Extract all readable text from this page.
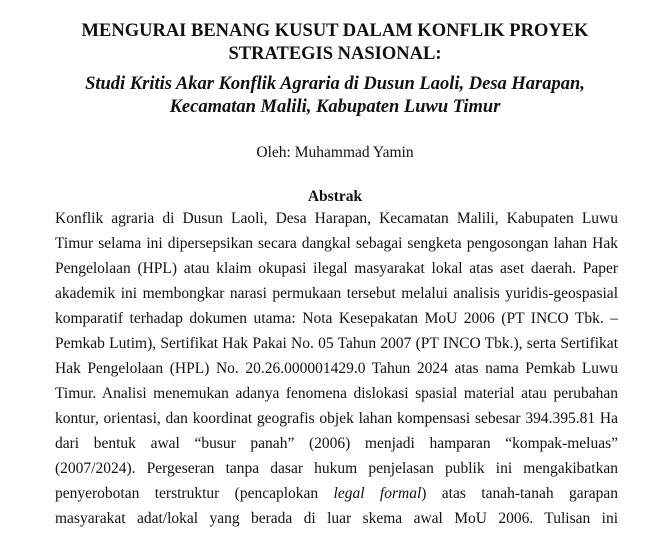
MENGURAI BENANG KUSUT DALAM KONFLIK PROYEK
STRATEGIS NASIONAL:
Studi Kritis Akar Konflik Agraria di Dusun Laoli, Desa Harapan,
Kecamatan Malili, Kabupaten Luwu Timur
Oleh: Muhammad Yamin
Abstrak
Konflik agraria di Dusun Laoli, Desa Harapan, Kecamatan Malili, Kabupaten Luwu
Timur selama ini dipersepsikan secara dangkal sebagai sengketa pengosongan lahan Hak
Pengelolaan (HPL) atau klaim okupasi ilegal masyarakat lokal atas aset daerah. Paper
akademik ini membongkar narasi permukaan tersebut melalui analisis yuridis-geospasial
komparatif terhadap dokumen utama: Nota Kesepakatan MoU 2006 (PT INCO Tbk. –
Pemkab Lutim), Sertifikat Hak Pakai No. 05 Tahun 2007 (PT INCO Tbk.), serta Sertifikat
Hak Pengelolaan (HPL) No. 20.26.000001429.0 Tahun 2024 atas nama Pemkab Luwu
Timur. Analisi menemukan adanya fenomena dislokasi spasial material atau perubahan
kontur, orientasi, dan koordinat geografis objek lahan kompensasi sebesar 394.395.81 Ha
dari bentuk awal “busur panah” (2006) menjadi hamparan “kompak-meluas”
(2007/2024). Pergeseran tanpa dasar hukum penjelasan publik ini mengakibatkan
penyerobotan terstruktur (pencaplokan legal formal) atas tanah-tanah garapan
masyarakat adat/lokal yang berada di luar skema awal MoU 2006. Tulisan ini
